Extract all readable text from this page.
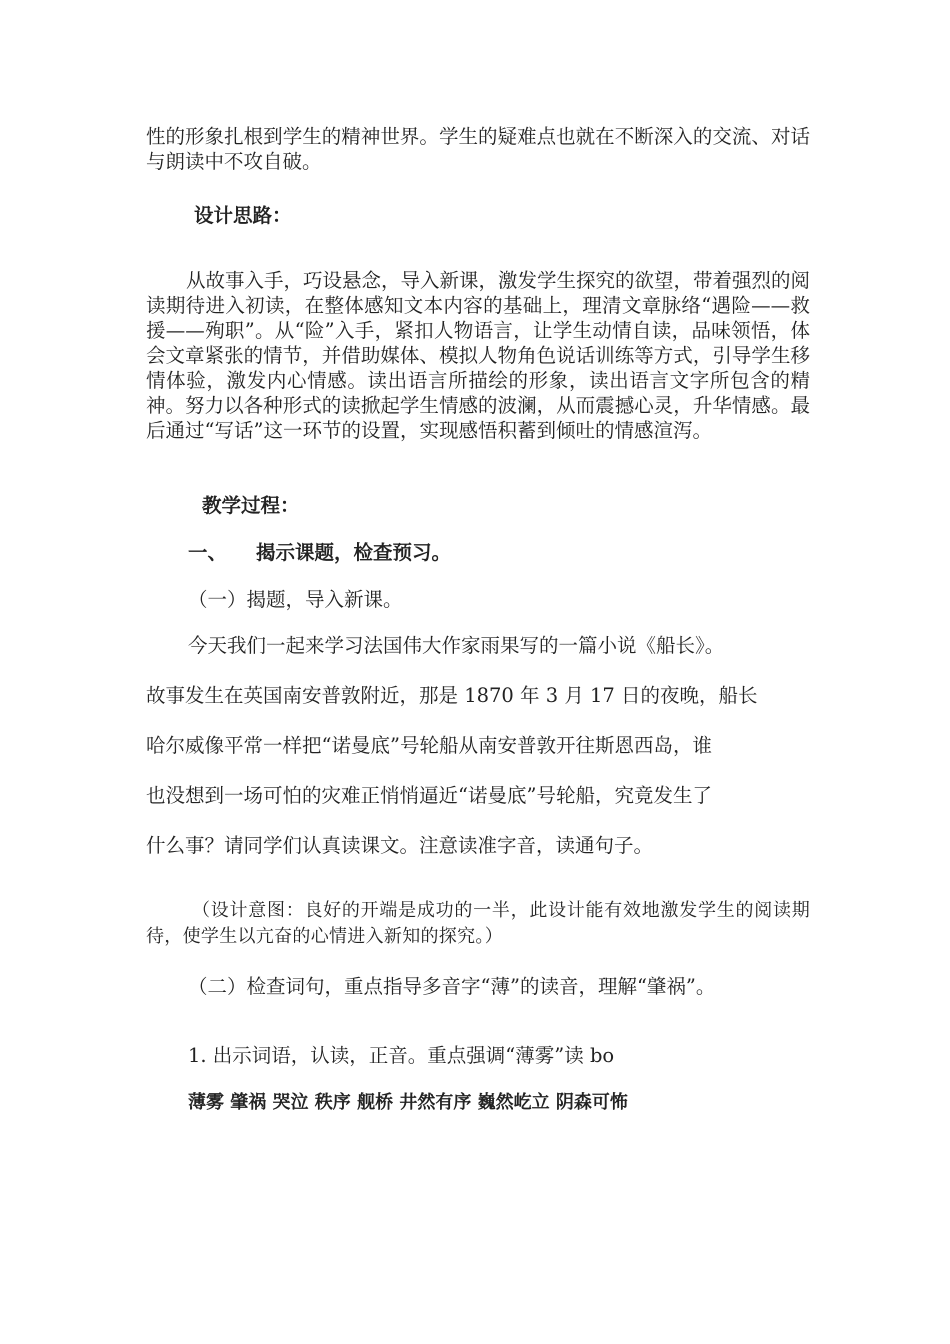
性的形象扎根到学生的精神世界。学生的疑难点也就在不断深入的交流、对话与朗读中不攻自破。
设计思路：
从故事入手，巧设悬念，导入新课，激发学生探究的欲望，带着强烈的阅读期待进入初读，在整体感知文本内容的基础上，理清文章脉络“遇险——救援——殉职”。从“险”入手，紧扣人物语言，让学生动情自读，品味领悟，体会文章紧张的情节，并借助媒体、模拟人物角色说话训练等方式，引导学生移情体验，激发内心情感。读出语言所描绘的形象，读出语言文字所包含的精神。努力以各种形式的读掀起学生情感的波澜，从而震撼心灵，升华情感。最后通过“写话”这一环节的设置，实现感悟积蓄到倾吐的情感渲泻。
教学过程：
一、 揭示课题，检查预习。
（一）揭题，导入新课。
今天我们一起来学习法国伟大作家雨果写的一篇小说《船长》。
故事发生在英国南安普敦附近，那是 1870 年 3 月 17 日的夜晚，船长
哈尔威像平常一样把“诺曼底”号轮船从南安普敦开往斯恩西岛，谁
也没想到一场可怕的灾难正悄悄逼近“诺曼底”号轮船，究竟发生了
什么事？请同学们认真读课文。注意读准字音，读通句子。
（设计意图：良好的开端是成功的一半，此设计能有效地激发学生的阅读期待，使学生以亢奋的心情进入新知的探究。）
（二）检查词句，重点指导多音字“薄”的读音，理解“肇祸”。
1. 出示词语，认读，正音。重点强调“薄雾”读 bo
薄雾 肇祸 哭泣 秩序 舰桥 井然有序 巍然屹立 阴森可怖
